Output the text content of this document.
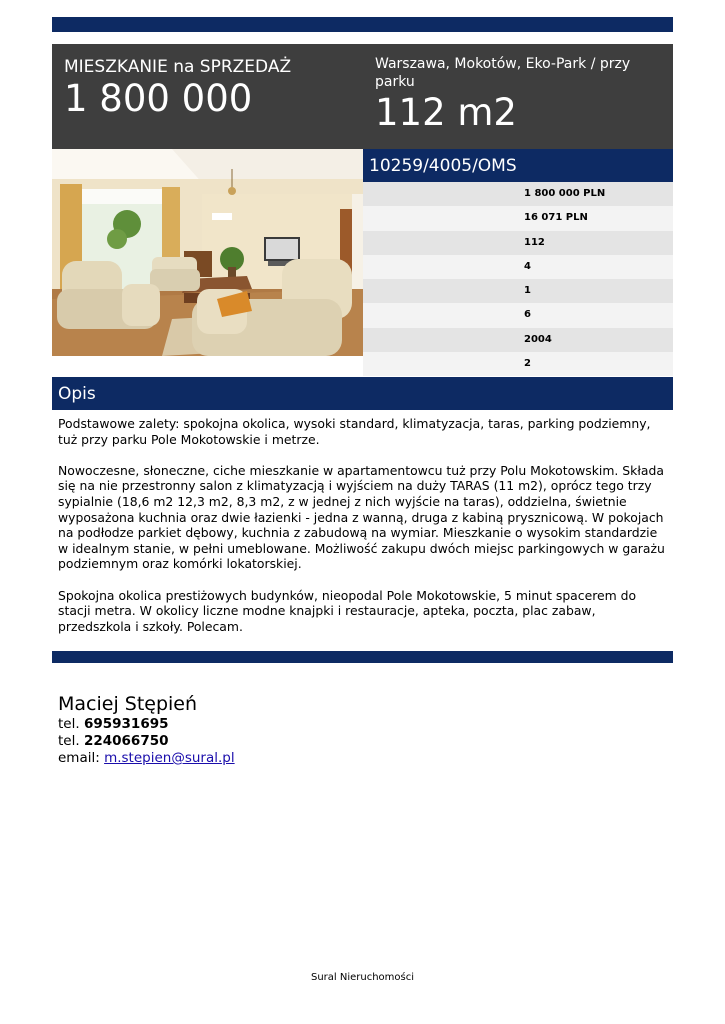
MIESZKANIE na SPRZEDAŻ
1 800 000
Warszawa, Mokotów, Eko-Park / przy parku
112 m2
10259/4005/OMS
1 800 000 PLN
16 071 PLN
112
4
1
6
2004
2
Opis

Podstawowe zalety: spokojna okolica, wysoki standard, klimatyzacja, taras, parking podziemny, tuż przy parku Pole Mokotowskie i metrze.

Nowoczesne, słoneczne, ciche mieszkanie w apartamentowcu tuż przy Polu Mokotowskim. Składa się na nie przestronny salon z klimatyzacją i wyjściem na duży TARAS (11 m2), oprócz tego trzy sypialnie (18,6 m2 12,3 m2, 8,3 m2, z w jednej z nich wyjście na taras), oddzielna, świetnie wyposażona kuchnia oraz dwie łazienki - jedna z wanną, druga z kabiną prysznicową. W pokojach na podłodze parkiet dębowy, kuchnia z zabudową na wymiar. Mieszkanie o wysokim standardzie w idealnym stanie, w pełni umeblowane. Możliwość zakupu dwóch miejsc parkingowych w garażu podziemnym oraz komórki lokatorskiej.

Spokojna okolica prestiżowych budynków, nieopodal Pole Mokotowskie, 5 minut spacerem do stacji metra. W okolicy liczne modne knajpki i restauracje, apteka, poczta, plac zabaw, przedszkola i szkoły. Polecam.

Maciej Stępień
tel. 695931695
tel. 224066750
email: m.stepien@sural.pl
Sural Nieruchomości
